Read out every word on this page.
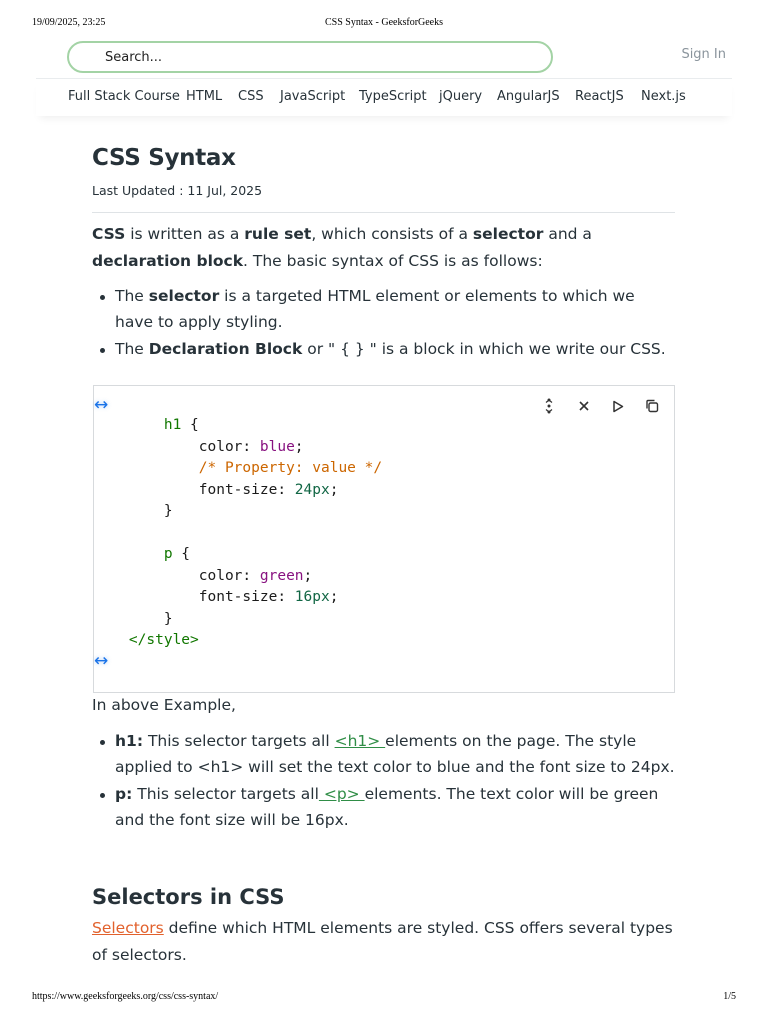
19/09/2025, 23:25	CSS Syntax - GeeksforGeeks
Search...
Sign In
Full Stack Course HTML CSS JavaScript TypeScript jQuery AngularJS ReactJS Next.js
CSS Syntax
Last Updated : 11 Jul, 2025

CSS is written as a rule set, which consists of a selector and a declaration block. The basic syntax of CSS is as follows:

The selector is a targeted HTML element or elements to which we have to apply styling.
The Declaration Block or " { } " is a block in which we write our CSS.
↔
h1 {
color: blue;
/* Property: value */
font-size: 24px;
}
p {
color: green;
font-size: 16px;
}
</style>
↔

In above Example,

h1: This selector targets all <h1> elements on the page. The style applied to <h1> will set the text color to blue and the font size to 24px.
p: This selector targets all <p> elements. The text color will be green and the font size will be 16px.
Selectors in CSS

Selectors define which HTML elements are styled. CSS offers several types of selectors.

https://www.geeksforgeeks.org/css/css-syntax/	1/5
